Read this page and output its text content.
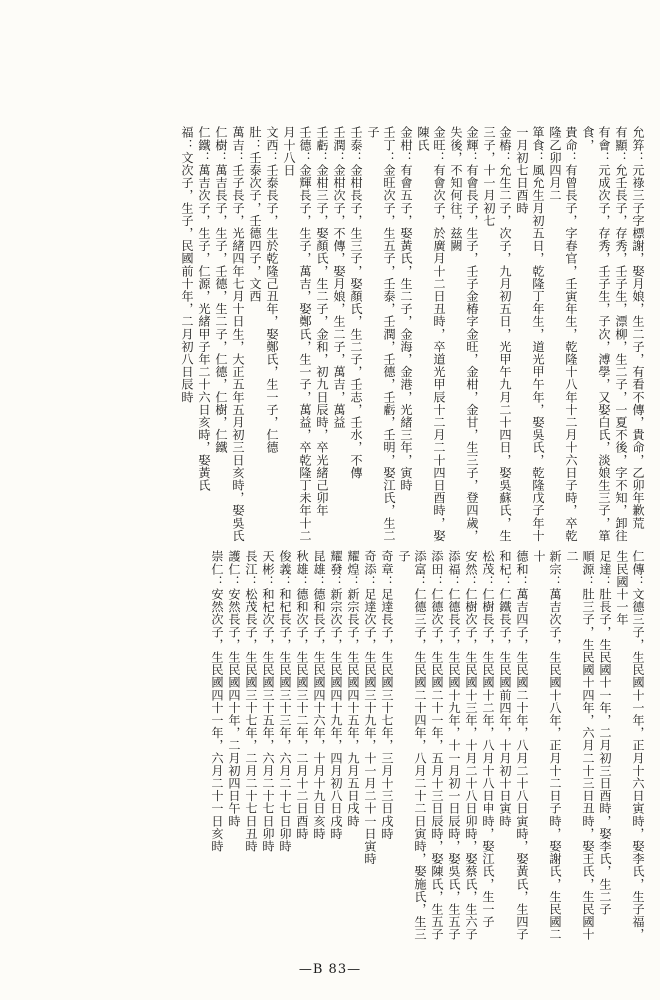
允笲：元祿三子字標謝，娶月娘，生二子，有看不傳，貴命，乙卯年歉荒
有顯：允壬長子，存秀，壬子生，漂柳，生二子，一夏不後，字不知，卸往
有會：元成次子，存秀，壬子生，子次，溥學，又娶白氏，淡娘生三子，箪食，
貴命：有曾長子，字春官，壬寅年生，乾隆十八年十二月十六日子時，卒乾隆乙卯四月二
箪食：風允生月初五日，乾隆丁年生，道光甲午年，娶吳氏，乾隆戊子年十一月初七日酉時
金樁：允生二子，次子，九月初五日，光甲午九月二十四日，娶吳蘇氏，生三子，十一月初七
金輝：有會長子，生子，壬子金椿字金旺，金柑，金甘，生三子，登四歲，失後，不知何往，兹闕
金旺：有會次子，於廣月十二日丑時，卒道光甲辰十二月二十四日酉時，娶陳氏
金柑：有會五子，娶黃氏，生二子，金海，金港，光緒三年，寅時
壬丁：金旺次子，生五子，壬泰，壬潤，壬德，壬虧，壬明，娶江氏，生二子
壬泰：金柑長子，生三子，娶顏氏，生二子，壬志，壬水，不傳
壬潤：金柑次子，不傳，娶月娘，生二子，萬吉，萬益
壬虧：金柑三子，娶顏氏，生二子，金和，初九日辰時，卒光緒己卯年
壬德：金輝長子，生子，萬吉，娶鄭氏，生一子，萬益，卒乾隆丁未年十二月十八日
文西：壬泰長子，生於乾隆己丑年，娶鄭氏，生一子，仁德
肚：壬泰次子，壬德四子，文西
萬吉：壬子長子，光緒四年七月十日生，大正五年五月初三日亥時，娶吳氏
仁樹：萬吉長子，生子，壬德，生二子，仁德，仁樹，仁鐵
仁鐵：萬吉次子，生子，仁源，光緒甲子年二十六日亥時，娶黃氏
福：文次子，生子，民國前十年，二月初八日辰時
仁傳：文德三子，生民國十一年，正月十六日寅時，娶李氏，生子福，生民國十一年
足達：肚長子，生民國十一年，二月初三日酉時，娶李氏，生二子
順源：肚三子，生民國十四年，六月二十三日丑時，娶王氏，生民國十二
新宗：萬吉次子，生民國十八年，正月十二日子時，娶謝氏，生民國二十
德和：萬吉四子，生民國二十年，八月二十八日寅時，娶黃氏，生四子
和杞：仁鐵長子，生民國前四年，十月初十日寅時
松茂：仁樹長子，生民國十二年，八月十八日申時，娶江氏，生一子
安然：仁樹次子，生民國十三年，十月二十八日卯時，娶蔡氏，生六子
添福：仁德長子，生民國十九年，十一月初一日辰時，娶吳氏，生五子
添田：仁德次子，生民國二十一年，五月十三日辰時，娶陳氏，生五子
添富：仁德三子，生民國二十四年，八月二十二日寅時，娶施氏，生三子
奇章：足達長子，生民國三十七年，三月十三日戌時
奇添：足達次子，生民國三十九年，十一月二十一日寅時
耀煌：新宗長子，生民國四十五年，九月五日戌時
耀發：新宗次子，生民國四十九年，四月初八日戌時
昆雄：德和長子，生民國四十六年，十月十九日亥時
秋雄：德和次子，生民國三十二年，二月十二日酉時
俊義：和杞長子，生民國三十三年，六月二十七日卯時
天彬：和杞次子，生民國三十五年，六月二十七日卯時
長江：松茂長子，生民國三十七年，二月二十七日丑時
護仁：安然長子，生民國四十年，二月初四日午時
崇仁：安然次子，生民國四十一年，六月二十一日亥時
—B 83—
